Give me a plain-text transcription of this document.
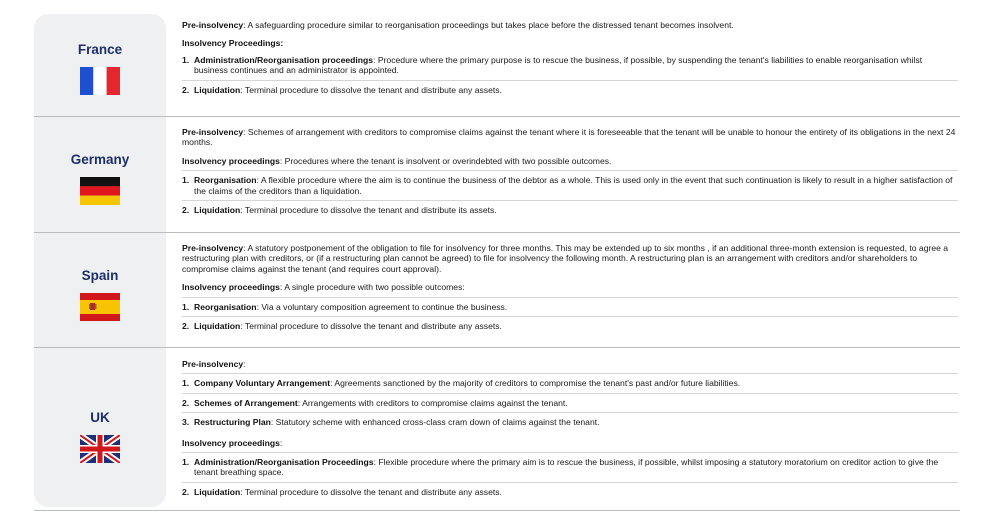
France

Pre-insolvency: A safeguarding procedure similar to reorganisation proceedings but takes place before the distressed tenant becomes insolvent.

Insolvency Proceedings:

1. Administration/Reorganisation proceedings: Procedure where the primary purpose is to rescue the business, if possible, by suspending the tenant's liabilities to enable reorganisation whilst business continues and an administrator is appointed.

2. Liquidation: Terminal procedure to dissolve the tenant and distribute any assets.

Germany

Pre-insolvency: Schemes of arrangement with creditors to compromise claims against the tenant where it is foreseeable that the tenant will be unable to honour the entirety of its obligations in the next 24 months.

Insolvency proceedings: Procedures where the tenant is insolvent or overindebted with two possible outcomes.

1. Reorganisation: A flexible procedure where the aim is to continue the business of the debtor as a whole. This is used only in the event that such continuation is likely to result in a higher satisfaction of the claims of the creditors than a liquidation.

2. Liquidation: Terminal procedure to dissolve the tenant and distribute its assets.

Spain

Pre-insolvency: A statutory postponement of the obligation to file for insolvency for three months. This may be extended up to six months , if an additional three-month extension is requested, to agree a restructuring plan with creditors, or (if a restructuring plan cannot be agreed) to file for insolvency the following month. A restructuring plan is an arrangement with creditors and/or shareholders to compromise claims against the tenant (and requires court approval).

Insolvency proceedings: A single procedure with two possible outcomes:

1. Reorganisation: Via a voluntary composition agreement to continue the business.

2. Liquidation: Terminal procedure to dissolve the tenant and distribute any assets.

UK

Pre-insolvency:

1. Company Voluntary Arrangement: Agreements sanctioned by the majority of creditors to compromise the tenant's past and/or future liabilities.

2. Schemes of Arrangement: Arrangements with creditors to compromise claims against the tenant.

3. Restructuring Plan: Statutory scheme with enhanced cross-class cram down of claims against the tenant.

Insolvency proceedings:

1. Administration/Reorganisation Proceedings: Flexible procedure where the primary aim is to rescue the business, if possible, whilst imposing a statutory moratorium on creditor action to give the tenant breathing space.

2. Liquidation: Terminal procedure to dissolve the tenant and distribute any assets.
